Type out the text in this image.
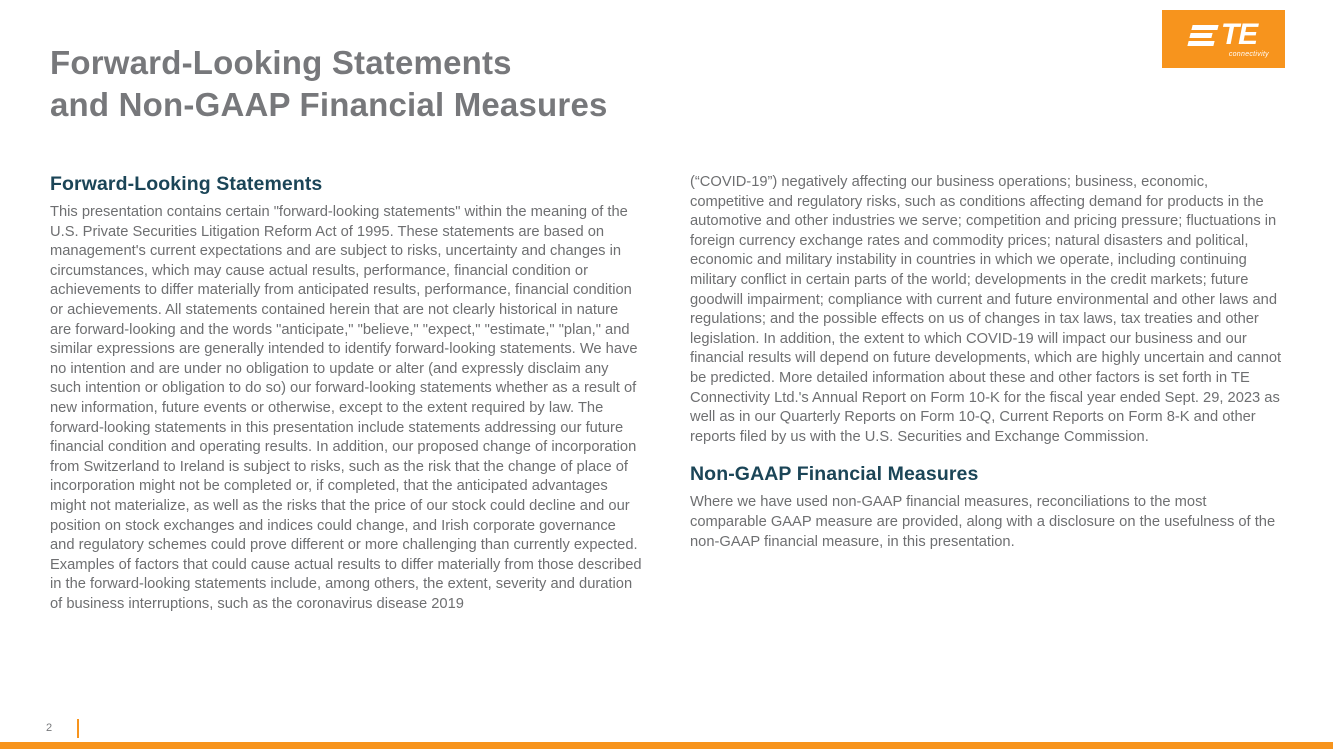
Forward-Looking Statements
and Non-GAAP Financial Measures
TE
connectivity
Forward-Looking Statements

This presentation contains certain "forward-looking statements" within the meaning of the U.S. Private Securities Litigation Reform Act of 1995. These statements are based on management's current expectations and are subject to risks, uncertainty and changes in circumstances, which may cause actual results, performance, financial condition or achievements to differ materially from anticipated results, performance, financial condition or achievements. All statements contained herein that are not clearly historical in nature are forward-looking and the words "anticipate," "believe," "expect," "estimate," "plan," and similar expressions are generally intended to identify forward-looking statements. We have no intention and are under no obligation to update or alter (and expressly disclaim any such intention or obligation to do so) our forward-looking statements whether as a result of new information, future events or otherwise, except to the extent required by law. The forward-looking statements in this presentation include statements addressing our future financial condition and operating results. In addition, our proposed change of incorporation from Switzerland to Ireland is subject to risks, such as the risk that the change of place of incorporation might not be completed or, if completed, that the anticipated advantages might not materialize, as well as the risks that the price of our stock could decline and our position on stock exchanges and indices could change, and Irish corporate governance and regulatory schemes could prove different or more challenging than currently expected. Examples of factors that could cause actual results to differ materially from those described in the forward-looking statements include, among others, the extent, severity and duration of business interruptions, such as the coronavirus disease 2019

(“COVID-19”) negatively affecting our business operations; business, economic, competitive and regulatory risks, such as conditions affecting demand for products in the automotive and other industries we serve; competition and pricing pressure; fluctuations in foreign currency exchange rates and commodity prices; natural disasters and political, economic and military instability in countries in which we operate, including continuing military conflict in certain parts of the world; developments in the credit markets; future goodwill impairment; compliance with current and future environmental and other laws and regulations; and the possible effects on us of changes in tax laws, tax treaties and other legislation. In addition, the extent to which COVID-19 will impact our business and our financial results will depend on future developments, which are highly uncertain and cannot be predicted. More detailed information about these and other factors is set forth in TE Connectivity Ltd.'s Annual Report on Form 10-K for the fiscal year ended Sept. 29, 2023 as well as in our Quarterly Reports on Form 10-Q, Current Reports on Form 8-K and other reports filed by us with the U.S. Securities and Exchange Commission.

Non-GAAP Financial Measures

Where we have used non-GAAP financial measures, reconciliations to the most comparable GAAP measure are provided, along with a disclosure on the usefulness of the non-GAAP financial measure, in this presentation.

2
